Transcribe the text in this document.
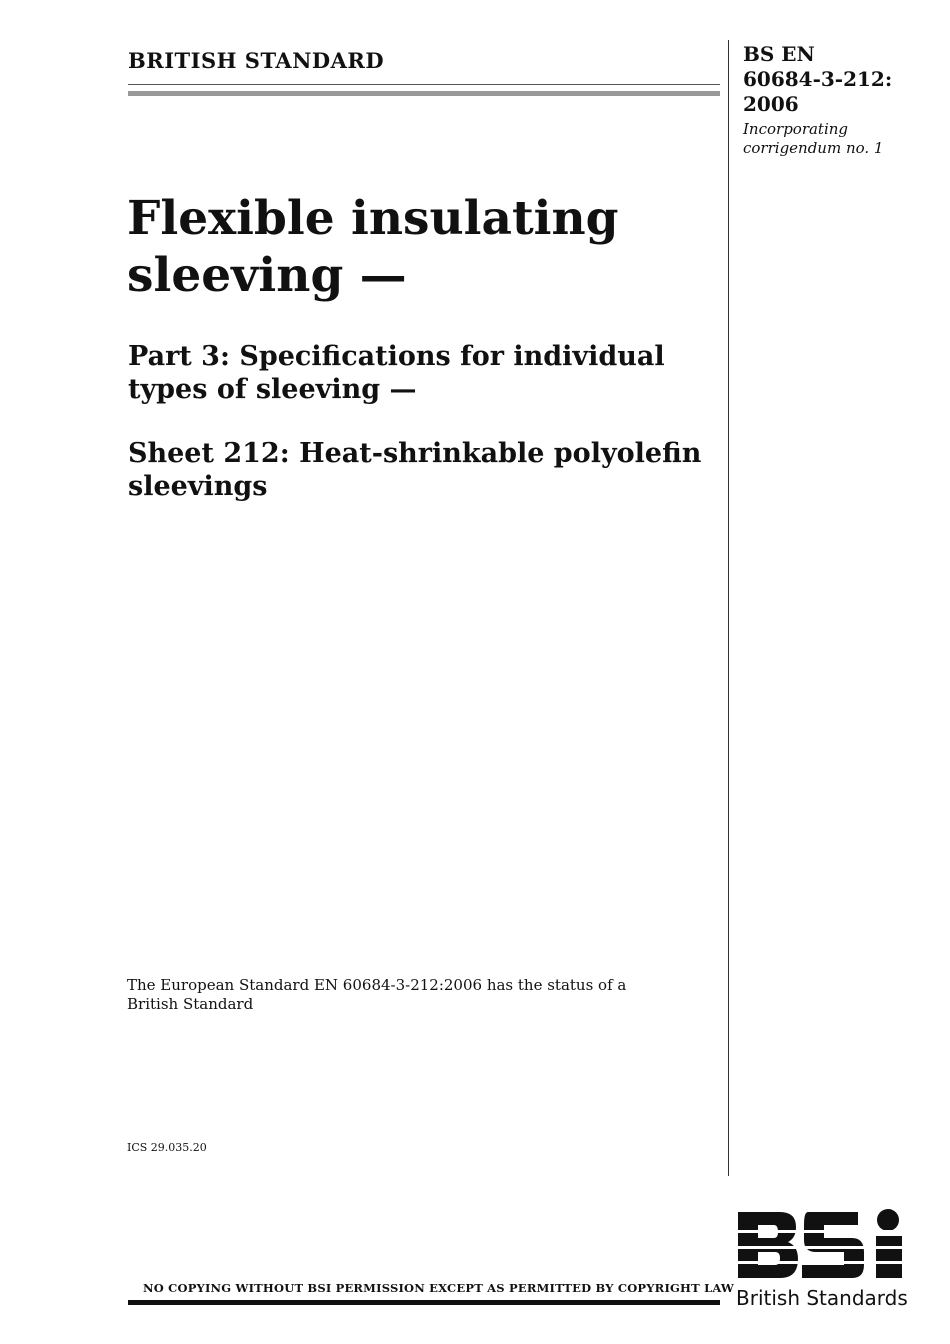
BRITISH STANDARD	BS EN
60684-3-212:
2006
Incorporating
corrigendum no. 1
Flexible insulating
sleeving —
Part 3: Specifications for individual
types of sleeving —
Sheet 212: Heat-shrinkable polyolefin
sleevings
The European Standard EN 60684-3-212:2006 has the status of a
British Standard
ICS 29.035.20
NO COPYING WITHOUT BSI PERMISSION EXCEPT AS PERMITTED BY COPYRIGHT LAW British Standards
